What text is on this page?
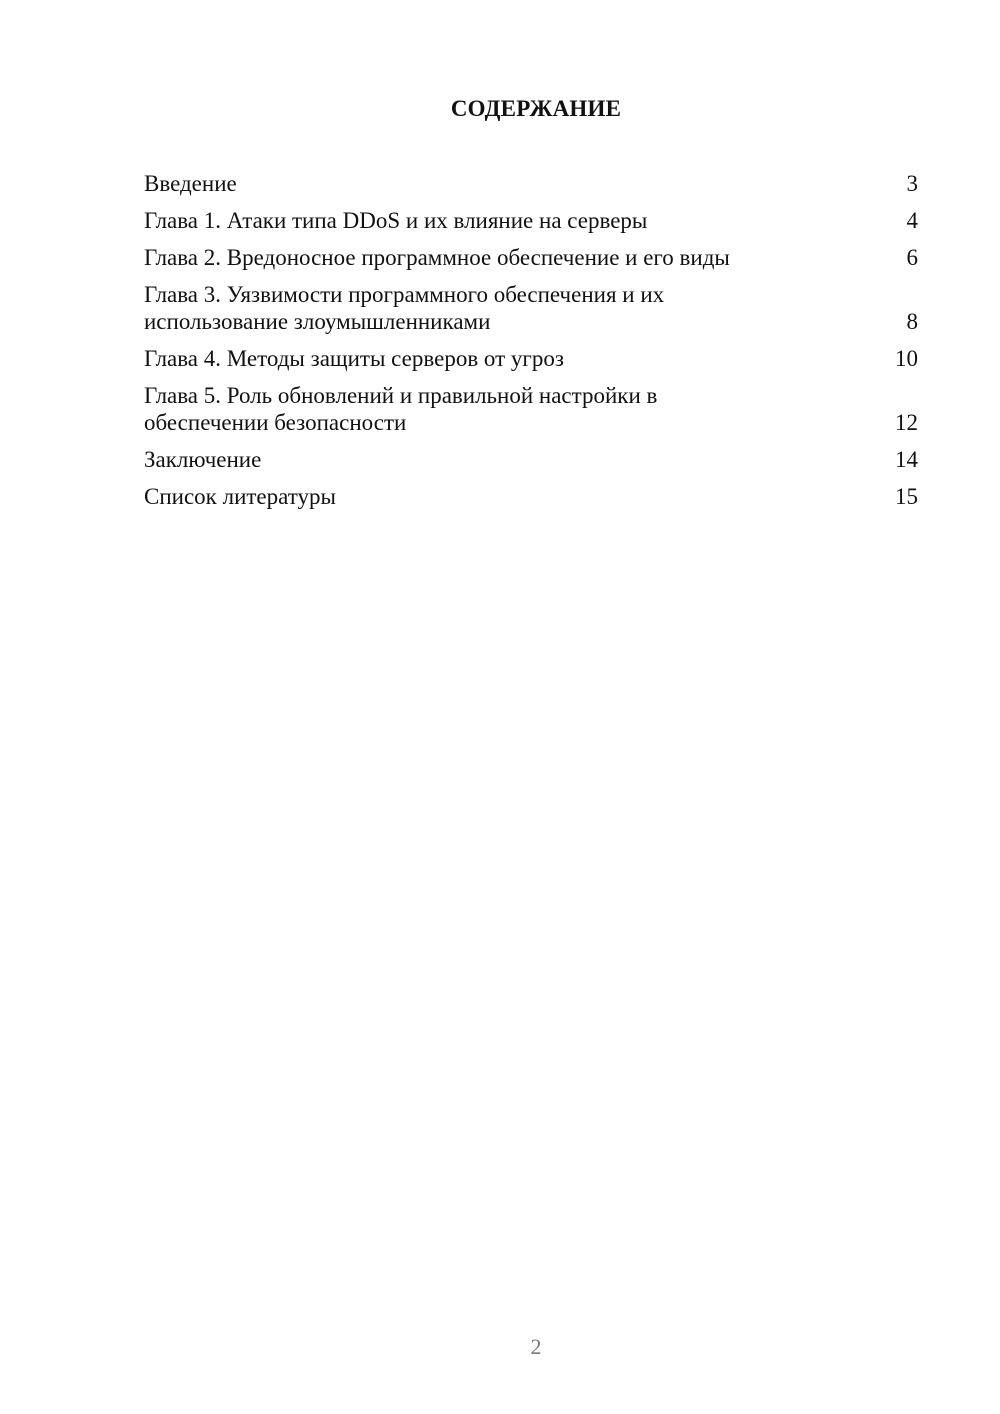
СОДЕРЖАНИЕ
Введение	3
Глава 1. Атаки типа DDoS и их влияние на серверы	4
Глава 2. Вредоносное программное обеспечение и его виды	6
Глава 3. Уязвимости программного обеспечения и их использование злоумышленниками	8
Глава 4. Методы защиты серверов от угроз	10
Глава 5. Роль обновлений и правильной настройки в обеспечении безопасности	12
Заключение	14
Список литературы	15
2
